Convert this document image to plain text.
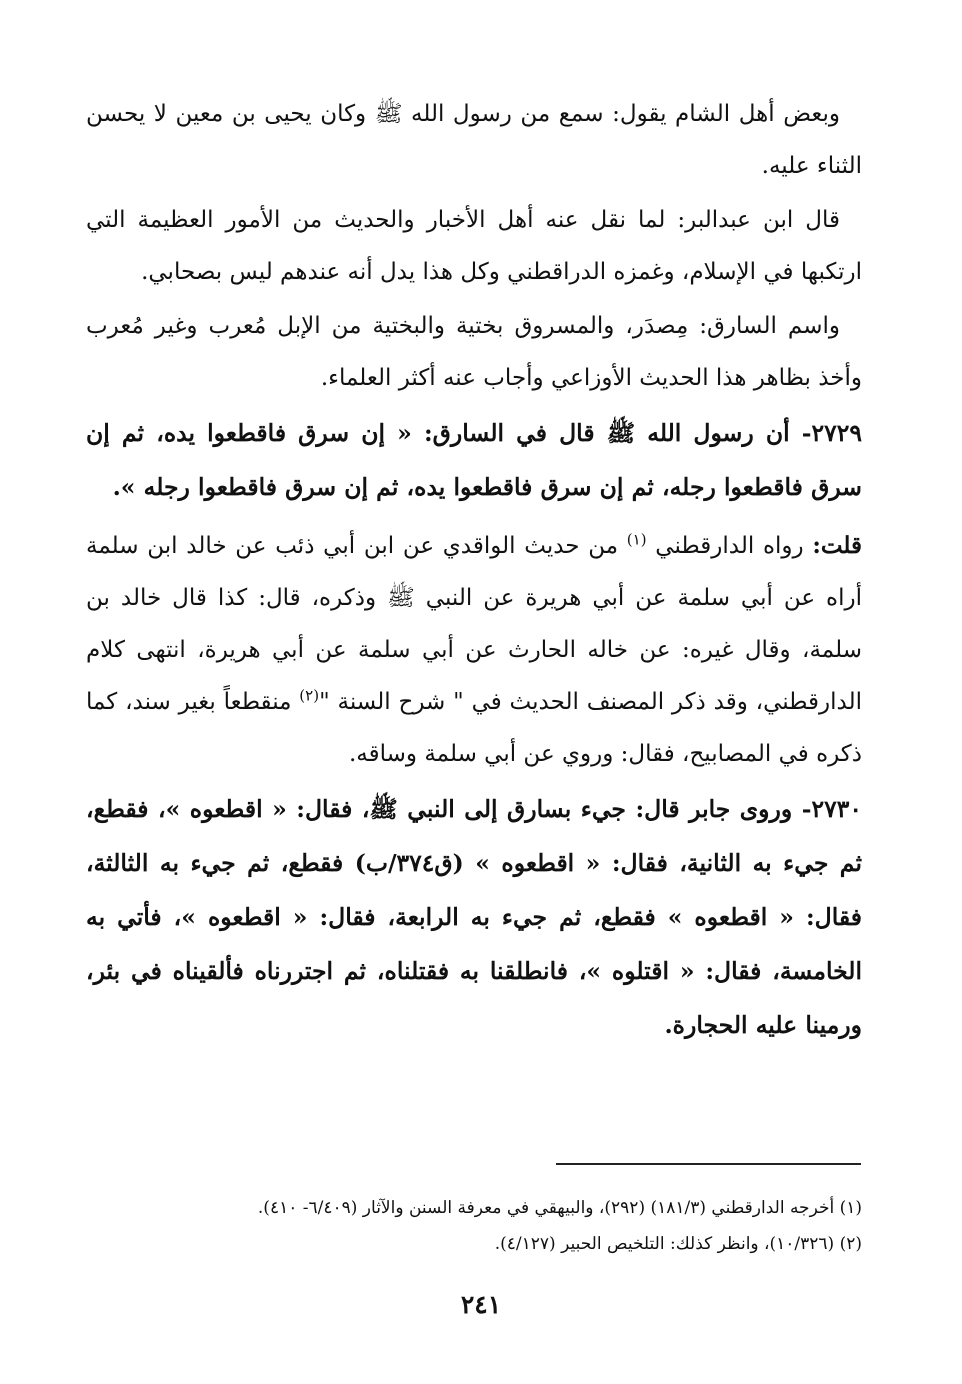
وبعض أهل الشام يقول: سمع من رسول الله ﷺ وكان يحيى بن معين لا يحسن الثناء عليه.

قال ابن عبدالبر: لما نقل عنه أهل الأخبار والحديث من الأمور العظيمة التي ارتكبها في الإسلام، وغمزه الدراقطني وكل هذا يدل أنه عندهم ليس بصحابي.

واسم السارق: مِصدَر، والمسروق بختية والبختية من الإبل مُعرب وغير مُعرب وأخذ بظاهر هذا الحديث الأوزاعي وأجاب عنه أكثر العلماء.

٢٧٢٩- أن رسول الله ﷺ قال في السارق: « إن سرق فاقطعوا يده، ثم إن سرق فاقطعوا رجله، ثم إن سرق فاقطعوا يده، ثم إن سرق فاقطعوا رجله ».

قلت: رواه الدارقطني $^{(١)}$ من حديث الواقدي عن ابن أبي ذئب عن خالد ابن سلمة أراه عن أبي سلمة عن أبي هريرة عن النبي ﷺ وذكره، قال: كذا قال خالد بن سلمة، وقال غيره: عن خاله الحارث عن أبي سلمة عن أبي هريرة، انتهى كلام الدارقطني، وقد ذكر المصنف الحديث في " شرح السنة "$^{(٢)}$ منقطعاً بغير سند، كما ذكره في المصابيح، فقال: وروي عن أبي سلمة وساقه.

٢٧٣٠- وروى جابر قال: جيء بسارق إلى النبي ﷺ، فقال: « اقطعوه »، فقطع، ثم جيء به الثانية، فقال: « اقطعوه » (ق٣٧٤/ب) فقطع، ثم جيء به الثالثة، فقال: « اقطعوه » فقطع، ثم جيء به الرابعة، فقال: « اقطعوه »، فأتي به الخامسة، فقال: « اقتلوه »، فانطلقنا به فقتلناه، ثم اجتررناه فألقيناه في بئر، ورمينا عليه الحجارة.

(١) أخرجه الدارقطني (١٨١/٣) (٢٩٢)، والبيهقي في معرفة السنن والآثار (٦/٤٠٩- ٤١٠).

(٢) (١٠/٣٢٦)، وانظر كذلك: التلخيص الحبير (٤/١٢٧).

٢٤١
